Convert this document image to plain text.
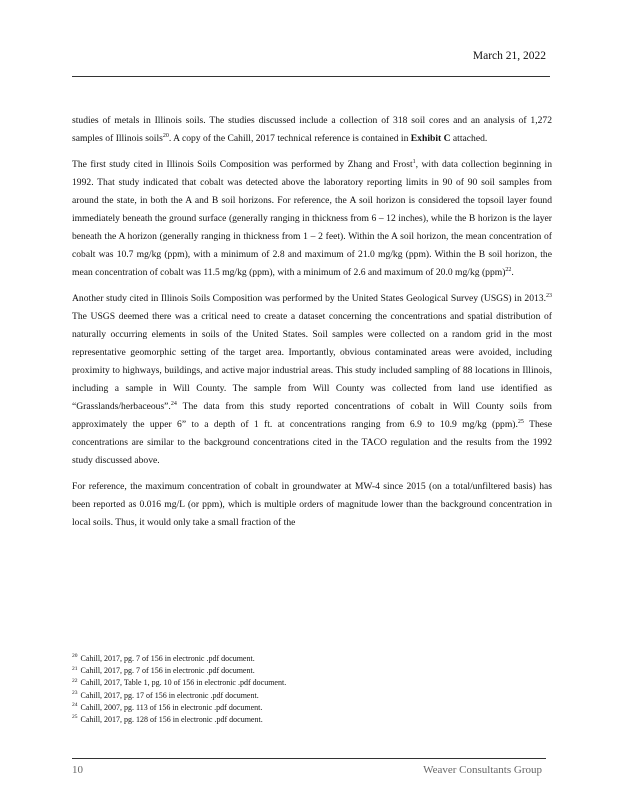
March 21, 2022

studies of metals in Illinois soils. The studies discussed include a collection of 318 soil cores and an analysis of 1,272 samples of Illinois soils$^{20}$. A copy of the Cahill, 2017 technical reference is contained in Exhibit C attached.

The first study cited in Illinois Soils Composition was performed by Zhang and Frost$^1$, with data collection beginning in 1992. That study indicated that cobalt was detected above the laboratory reporting limits in 90 of 90 soil samples from around the state, in both the A and B soil horizons. For reference, the A soil horizon is considered the topsoil layer found immediately beneath the ground surface (generally ranging in thickness from 6 – 12 inches), while the B horizon is the layer beneath the A horizon (generally ranging in thickness from 1 – 2 feet). Within the A soil horizon, the mean concentration of cobalt was 10.7 mg/kg (ppm), with a minimum of 2.8 and maximum of 21.0 mg/kg (ppm). Within the B soil horizon, the mean concentration of cobalt was 11.5 mg/kg (ppm), with a minimum of 2.6 and maximum of 20.0 mg/kg (ppm)$^{22}$.

Another study cited in Illinois Soils Composition was performed by the United States Geological Survey (USGS) in 2013.23 The USGS deemed there was a critical need to create a dataset concerning the concentrations and spatial distribution of naturally occurring elements in soils of the United States. Soil samples were collected on a random grid in the most representative geomorphic setting of the target area. Importantly, obvious contaminated areas were avoided, including proximity to highways, buildings, and active major industrial areas. This study included sampling of 88 locations in Illinois, including a sample in Will County. The sample from Will County was collected from land use identified as “Grasslands/herbaceous”.$^{24}$ The data from this study reported concentrations of cobalt in Will County soils from approximately the upper 6” to a depth of 1 ft. at concentrations ranging from 6.9 to 10.9 mg/kg (ppm).$^{25}$ These concentrations are similar to the background concentrations cited in the TACO regulation and the results from the 1992 study discussed above.

For reference, the maximum concentration of cobalt in groundwater at MW-4 since 2015 (on a total/unfiltered basis) has been reported as 0.016 mg/L (or ppm), which is multiple orders of magnitude lower than the background concentration in local soils. Thus, it would only take a small fraction of the

$^{20}$ Cahill, 2017, pg. 7 of 156 in electronic .pdf document.
$^{21}$ Cahill, 2017, pg. 7 of 156 in electronic .pdf document.
$^{22}$ Cahill, 2017, Table 1, pg. 10 of 156 in electronic .pdf document.
$^{23}$ Cahill, 2017, pg. 17 of 156 in electronic .pdf document.
$^{24}$ Cahill, 2007, pg. 113 of 156 in electronic .pdf document.
$^{25}$ Cahill, 2017, pg. 128 of 156 in electronic .pdf document.
10	Weaver Consultants Group
